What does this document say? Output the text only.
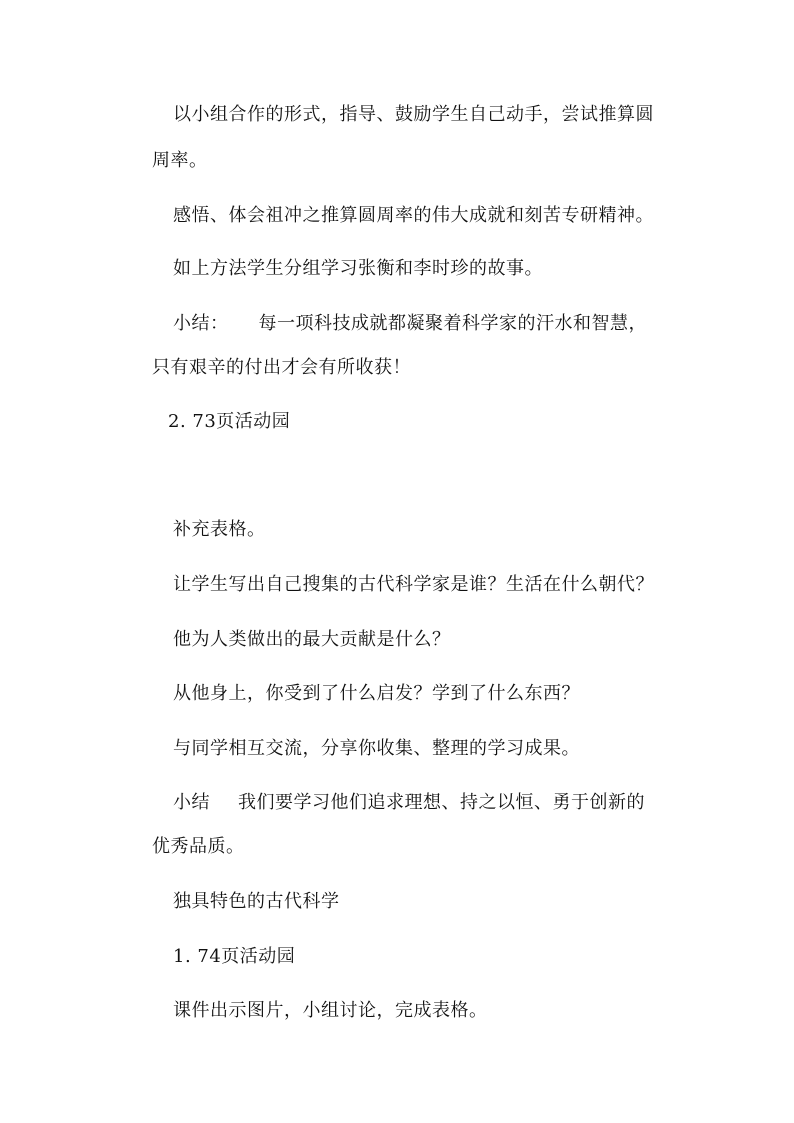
以小组合作的形式，指导、鼓励学生自己动手，尝试推算圆
周率。
感悟、体会祖冲之推算圆周率的伟大成就和刻苦专研精神。
如上方法学生分组学习张衡和李时珍的故事。
小结： 每一项科技成就都凝聚着科学家的汗水和智慧，
只有艰辛的付出才会有所收获！
2. 73页活动园
补充表格。
让学生写出自己搜集的古代科学家是谁？生活在什么朝代？
他为人类做出的最大贡献是什么？
从他身上，你受到了什么启发？学到了什么东西？
与同学相互交流，分享你收集、整理的学习成果。
小结 我们要学习他们追求理想、持之以恒、勇于创新的
优秀品质。
独具特色的古代科学
1. 74页活动园
课件出示图片，小组讨论，完成表格。
